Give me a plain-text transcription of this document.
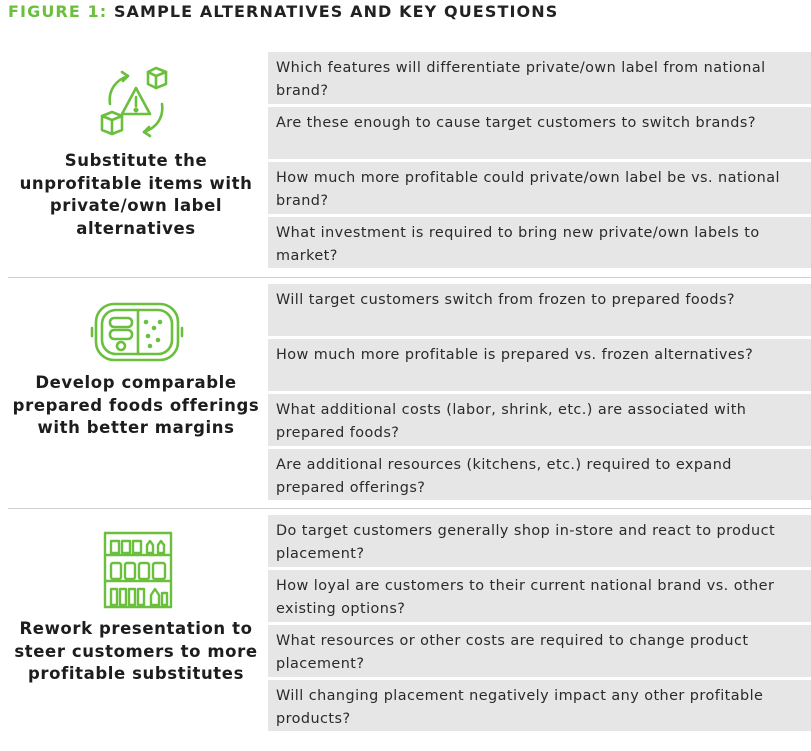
FIGURE 1: SAMPLE ALTERNATIVES AND KEY QUESTIONS
Substitute the unprofitable items with private/own label alternatives
Which features will differentiate private/own label from national brand?
Are these enough to cause target customers to switch brands?
How much more profitable could private/own label be vs. national brand?
What investment is required to bring new private/own labels to market?
Develop comparable prepared foods offerings with better margins
Will target customers switch from frozen to prepared foods?
How much more profitable is prepared vs. frozen alternatives?
What additional costs (labor, shrink, etc.) are associated with prepared foods?
Are additional resources (kitchens, etc.) required to expand prepared offerings?
Rework presentation to steer customers to more profitable substitutes
Do target customers generally shop in-store and react to product placement?
How loyal are customers to their current national brand vs. other existing options?
What resources or other costs are required to change product placement?
Will changing placement negatively impact any other profitable products?
